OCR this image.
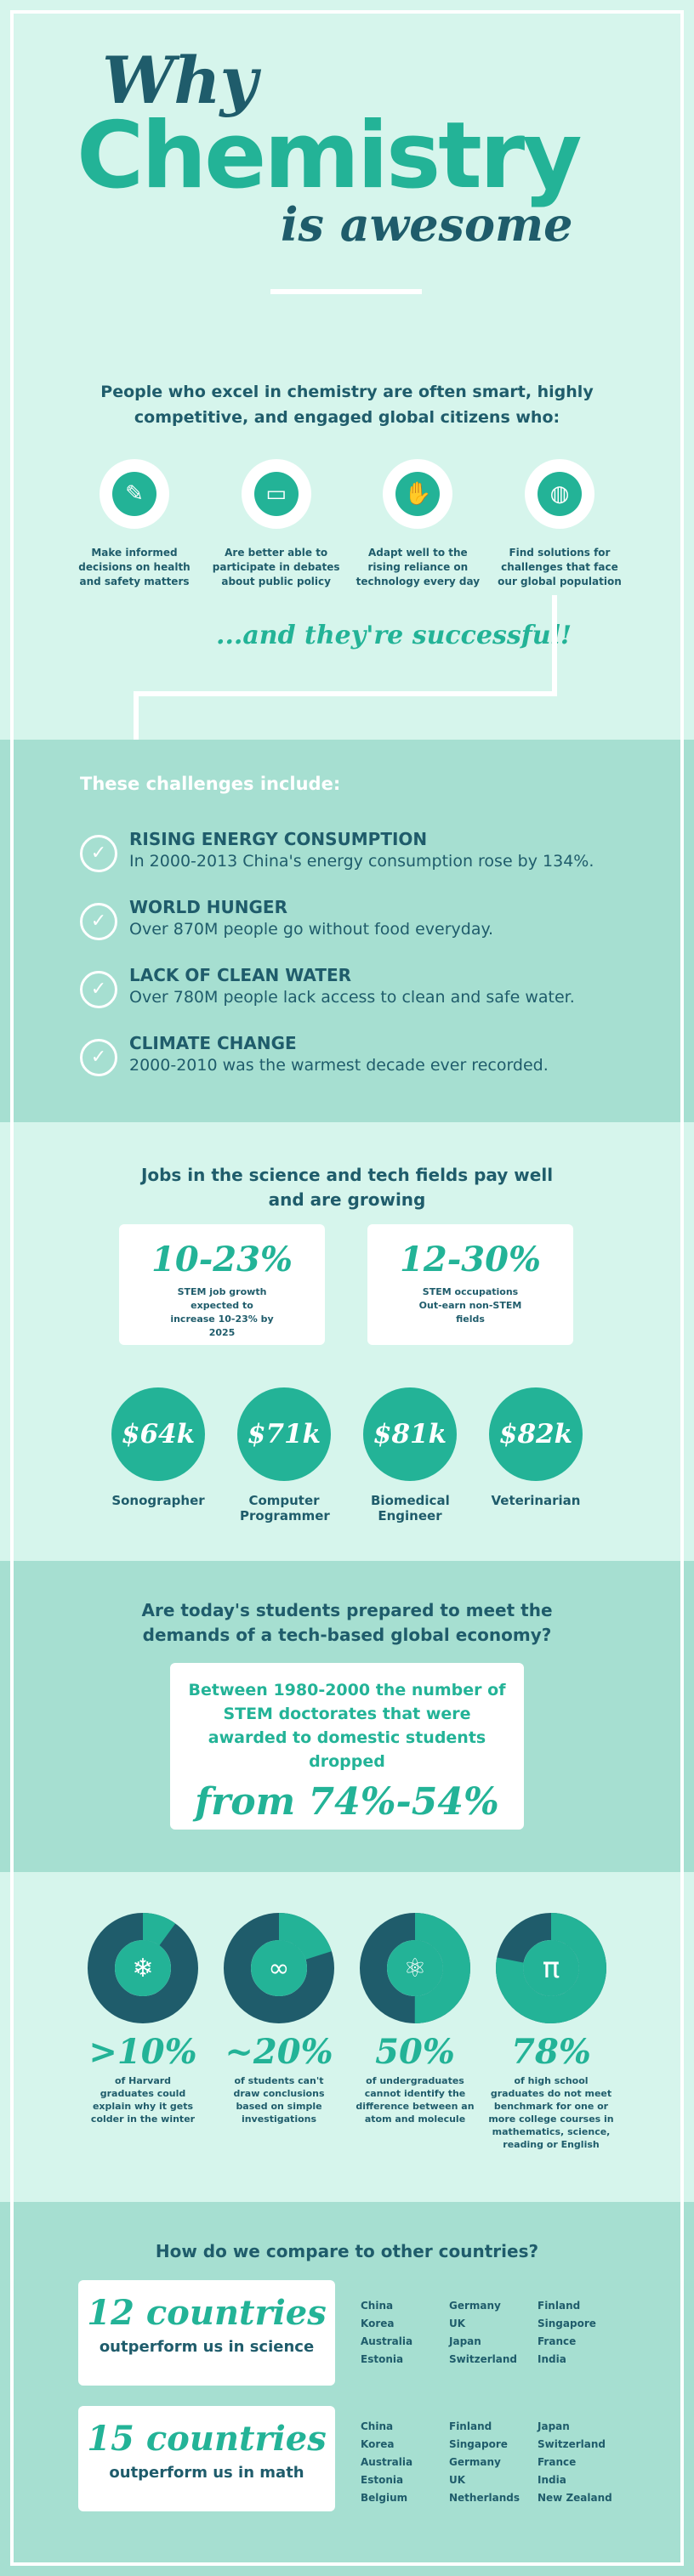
Why
Chemistry
is awesome
People who excel in chemistry are often smart, highly competitive, and engaged global citizens who:
✎

Make informed decisions on health and safety matters

▭

Are better able to participate in debates about public policy

✋

Adapt well to the rising reliance on technology every day

◍

Find solutions for challenges that face our global population

...and they're successful!
These challenges include:
✓
RISING ENERGY CONSUMPTION

In 2000-2013 China's energy consumption rose by 134%.

✓
WORLD HUNGER

Over 870M people go without food everyday.

✓
LACK OF CLEAN WATER

Over 780M people lack access to clean and safe water.

✓
CLIMATE CHANGE

2000-2010 was the warmest decade ever recorded.

Jobs in the science and tech fields pay well and are growing
10-23%

STEM job growth expected to increase 10-23% by 2025

12-30%

STEM occupations Out-earn non-STEM fields

$64k

Sonographer

$71k

Computer Programmer

$81k

Biomedical Engineer

$82k

Veterinarian

Are today's students prepared to meet the demands of a tech-based global economy?

Between 1980-2000 the number of STEM doctorates that were awarded to domestic students dropped

from 74%-54%
❄
>10%

of Harvard graduates could explain why it gets colder in the winter

∞
~20%

of students can't draw conclusions based on simple investigations

⚛
50%

of undergraduates cannot identify the difference between an atom and molecule

π
78%

of high school graduates do not meet benchmark for one or more college courses in mathematics, science, reading or English

How do we compare to other countries?
12 countries

outperform us in science

China
Korea
Australia
Estonia
Germany
UK
Japan
Switzerland
Finland
Singapore
France
India
15 countries

outperform us in math

China
Korea
Australia
Estonia
Belgium
Finland
Singapore
Germany
UK
Netherlands
Japan
Switzerland
France
India
New Zealand
